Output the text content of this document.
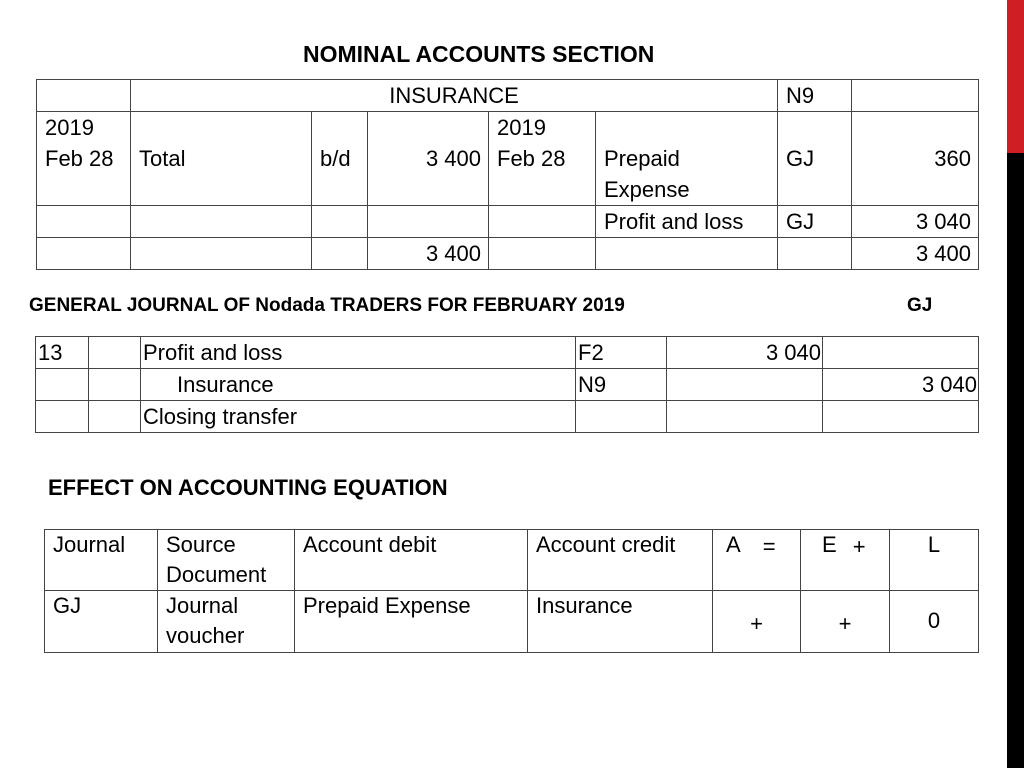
NOMINAL ACCOUNTS SECTION
	INSURANCE					N9	
2019 Feb 28	Total	b/d	3 400	2019 Feb 28	Prepaid Expense	GJ	360
					Profit and loss	GJ	3 040
			3 400				3 400
GENERAL JOURNAL OF Nodada TRADERS FOR FEBRUARY 2019	GJ
13		Profit and loss	F2	3 040	
		Insurance	N9		3 040
		Closing transfer			
EFFECT ON ACCOUNTING EQUATION
Journal	Source Document	Account debit	Account credit	A =	E +	L
GJ	Journal voucher	Prepaid Expense	Insurance	+	+	0
